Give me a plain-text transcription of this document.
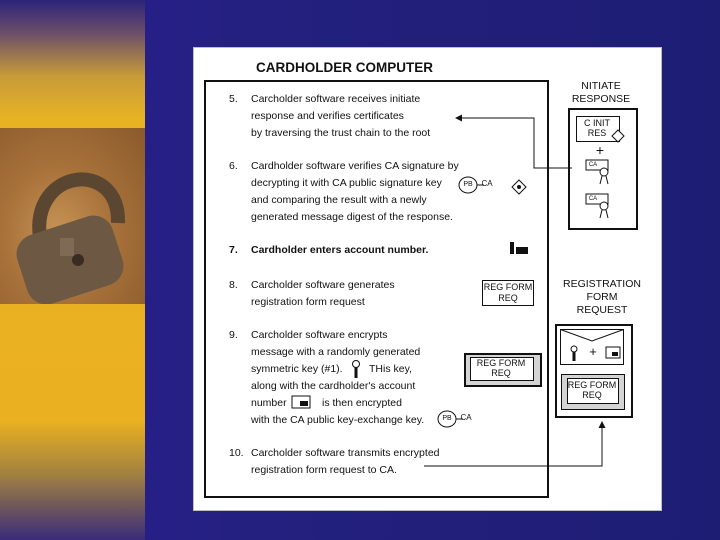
CARDHOLDER COMPUTER
5. Carcholder software receives initiate
response and verifies certificates
by traversing the trust chain to the root
6. Cardholder software verifies CA signature by
decrypting it with CA public signature key
and comparing the result with a newly
generated message digest of the response.
7. Cardholder enters account number.
8. Carcholder software generates
registration form request
9. Carcholder software encrypts
message with a randomly generated
symmetric key (#1).	THis key,
along with the cardholder's account
number	is then encrypted
with the CA public key-exchange key.
10. Carcholder software transmits encrypted
registration form request to CA.
PB CA
REG FORM
REQ
REG FORM
REQ
PB CA
NITIATE
RESPONSE
C INIT
RES
+
CA
CA
REGISTRATION
FORM
REQUEST
+
REG FORM
REQ
